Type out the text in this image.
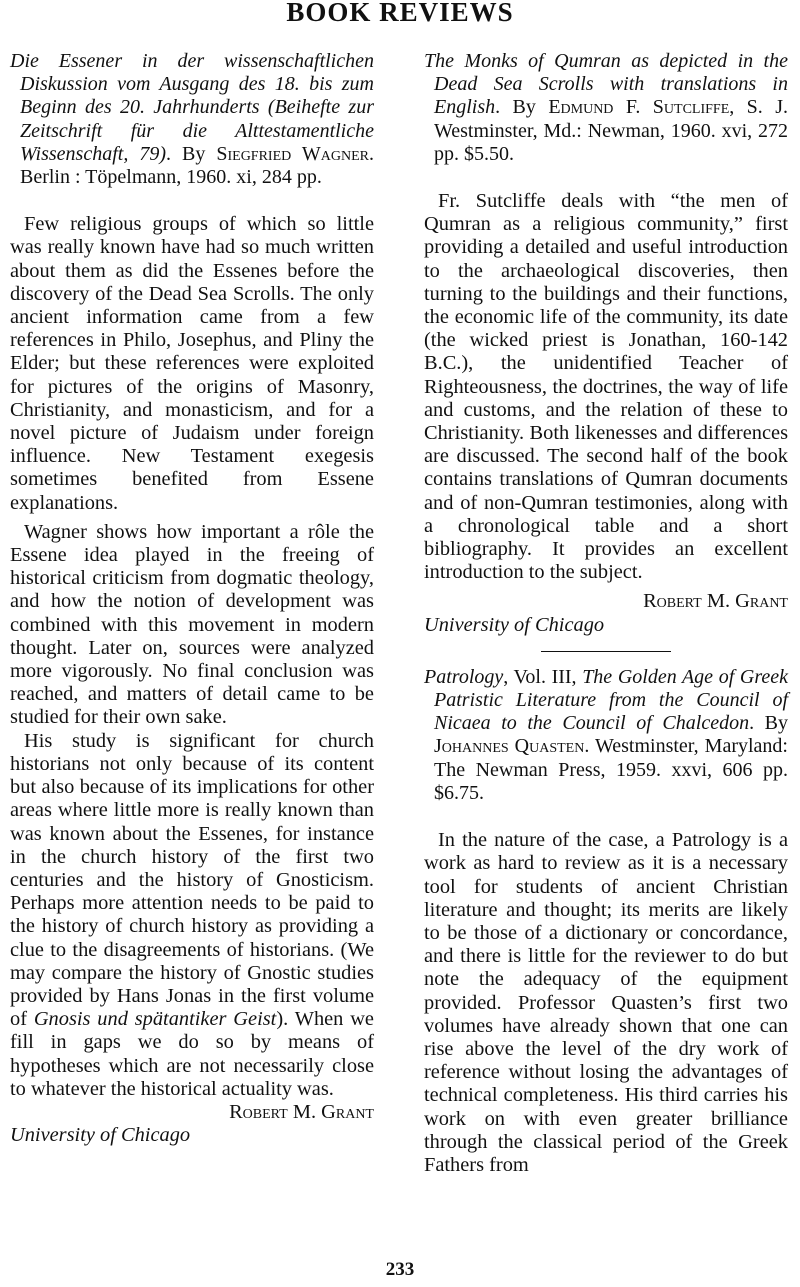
BOOK REVIEWS

Die Essener in der wissenschaftlichen Diskussion vom Ausgang des 18. bis zum Beginn des 20. Jahrhunderts (Beihefte zur Zeitschrift für die Alttestamentliche Wissenschaft, 79). By Siegfried Wagner. Berlin : Töpelmann, 1960. xi, 284 pp.

Few religious groups of which so little was really known have had so much written about them as did the Essenes before the discovery of the Dead Sea Scrolls. The only ancient information came from a few references in Philo, Josephus, and Pliny the Elder; but these references were exploited for pictures of the origins of Masonry, Christianity, and monasticism, and for a novel picture of Judaism under foreign influence. New Testament exegesis sometimes benefited from Essene explanations.

Wagner shows how important a rôle the Essene idea played in the freeing of historical criticism from dogmatic theology, and how the notion of development was combined with this movement in modern thought. Later on, sources were analyzed more vigorously. No final conclusion was reached, and matters of detail came to be studied for their own sake.

His study is significant for church historians not only because of its content but also because of its implications for other areas where little more is really known than was known about the Essenes, for instance in the church history of the first two centuries and the history of Gnosticism. Perhaps more attention needs to be paid to the history of church history as providing a clue to the disagreements of historians. (We may compare the history of Gnostic studies provided by Hans Jonas in the first volume of Gnosis und spätantiker Geist). When we fill in gaps we do so by means of hypotheses which are not necessarily close to whatever the historical actuality was.

Robert M. Grant
University of Chicago

The Monks of Qumran as depicted in the Dead Sea Scrolls with translations in English. By Edmund F. Sutcliffe, S. J. Westminster, Md.: Newman, 1960. xvi, 272 pp. $5.50.

Fr. Sutcliffe deals with “the men of Qumran as a religious community,” first providing a detailed and useful introduction to the archaeological discoveries, then turning to the buildings and their functions, the economic life of the community, its date (the wicked priest is Jonathan, 160-142 B.C.), the unidentified Teacher of Righteousness, the doctrines, the way of life and customs, and the relation of these to Christianity. Both likenesses and differences are discussed. The second half of the book contains translations of Qumran documents and of non-Qumran testimonies, along with a chronological table and a short bibliography. It provides an excellent introduction to the subject.

Robert M. Grant
University of Chicago

Patrology, Vol. III, The Golden Age of Greek Patristic Literature from the Council of Nicaea to the Council of Chalcedon. By Johannes Quasten. Westminster, Maryland: The Newman Press, 1959. xxvi, 606 pp. $6.75.

In the nature of the case, a Patrology is a work as hard to review as it is a necessary tool for students of ancient Christian literature and thought; its merits are likely to be those of a dictionary or concordance, and there is little for the reviewer to do but note the adequacy of the equipment provided. Professor Quasten’s first two volumes have already shown that one can rise above the level of the dry work of reference without losing the advantages of technical completeness. His third carries his work on with even greater brilliance through the classical period of the Greek Fathers from

233
